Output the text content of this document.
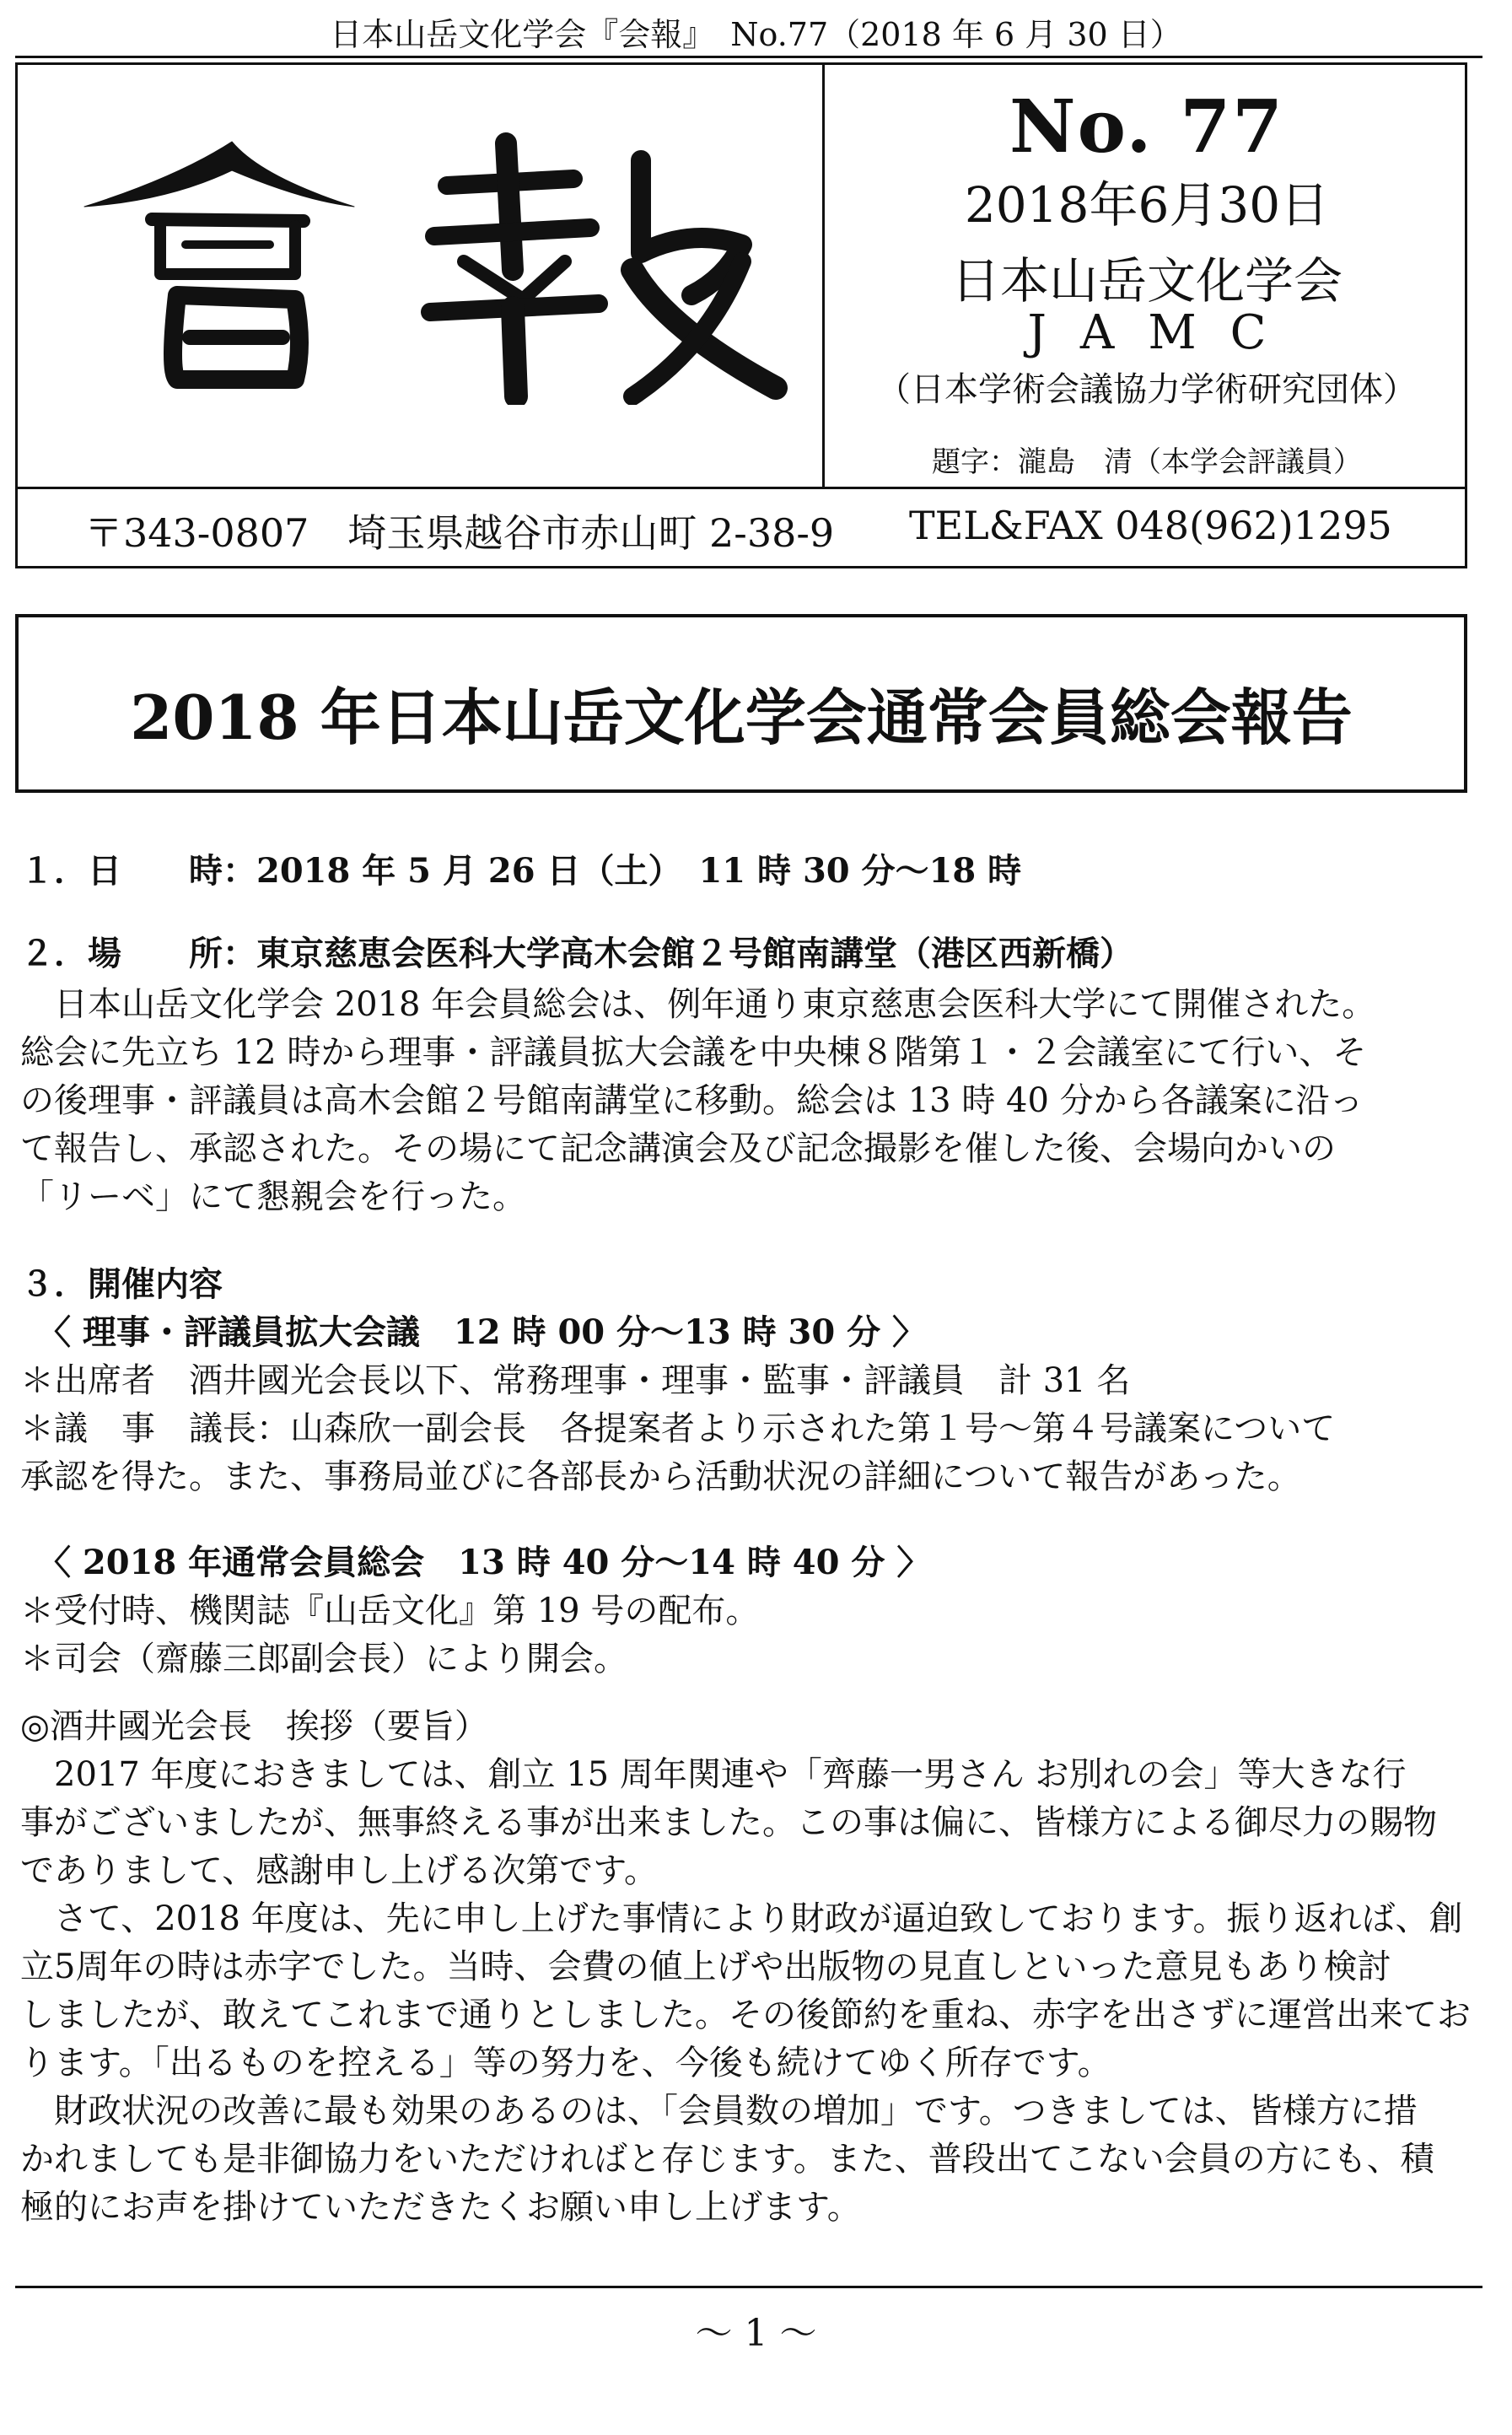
日本山岳文化学会『会報』　No.77（2018 年 6 月 30 日）
No. 77
2018年6月30日
日本山岳文化学会
JAMC
（日本学術会議協力学術研究団体）
題字：瀧島　清（本学会評議員）
〒343-0807　埼玉県越谷市赤山町 2-38-9 TEL&FAX 048(962)1295
2018 年日本山岳文化学会通常会員総会報告
１．日　　時：2018 年 5 月 26 日（土）　11 時 30 分～18 時
２．場　　所：東京慈恵会医科大学高木会館２号館南講堂（港区西新橋）
　日本山岳文化学会 2018 年会員総会は、例年通り東京慈恵会医科大学にて開催された。
総会に先立ち 12 時から理事・評議員拡大会議を中央棟８階第１・２会議室にて行い、そ
の後理事・評議員は高木会館２号館南講堂に移動。総会は 13 時 40 分から各議案に沿っ
て報告し、承認された。その場にて記念講演会及び記念撮影を催した後、会場向かいの
「リーベ」にて懇親会を行った。
３．開催内容
　〈 理事・評議員拡大会議　12 時 00 分～13 時 30 分 〉
＊出席者　酒井國光会長以下、常務理事・理事・監事・評議員　計 31 名
＊議　事　議長：山森欣一副会長　各提案者より示された第１号～第４号議案について
承認を得た。また、事務局並びに各部長から活動状況の詳細について報告があった。
　〈 2018 年通常会員総会　13 時 40 分～14 時 40 分 〉
＊受付時、機関誌『山岳文化』第 19 号の配布。
＊司会（齋藤三郎副会長）により開会。
◎酒井國光会長　挨拶（要旨）
　2017 年度におきましては、創立 15 周年関連や「齊藤一男さん お別れの会」等大きな行
事がございましたが、無事終える事が出来ました。この事は偏に、皆様方による御尽力の賜物
でありまして、感謝申し上げる次第です。
　さて、2018 年度は、先に申し上げた事情により財政が逼迫致しております。振り返れば、創
立5周年の時は赤字でした。当時、会費の値上げや出版物の見直しといった意見もあり検討
しましたが、敢えてこれまで通りとしました。その後節約を重ね、赤字を出さずに運営出来てお
ります。「出るものを控える」等の努力を、今後も続けてゆく所存です。
　財政状況の改善に最も効果のあるのは、「会員数の増加」です。つきましては、皆様方に措
かれましても是非御協力をいただければと存じます。また、普段出てこない会員の方にも、積
極的にお声を掛けていただきたくお願い申し上げます。
～ 1 ～
